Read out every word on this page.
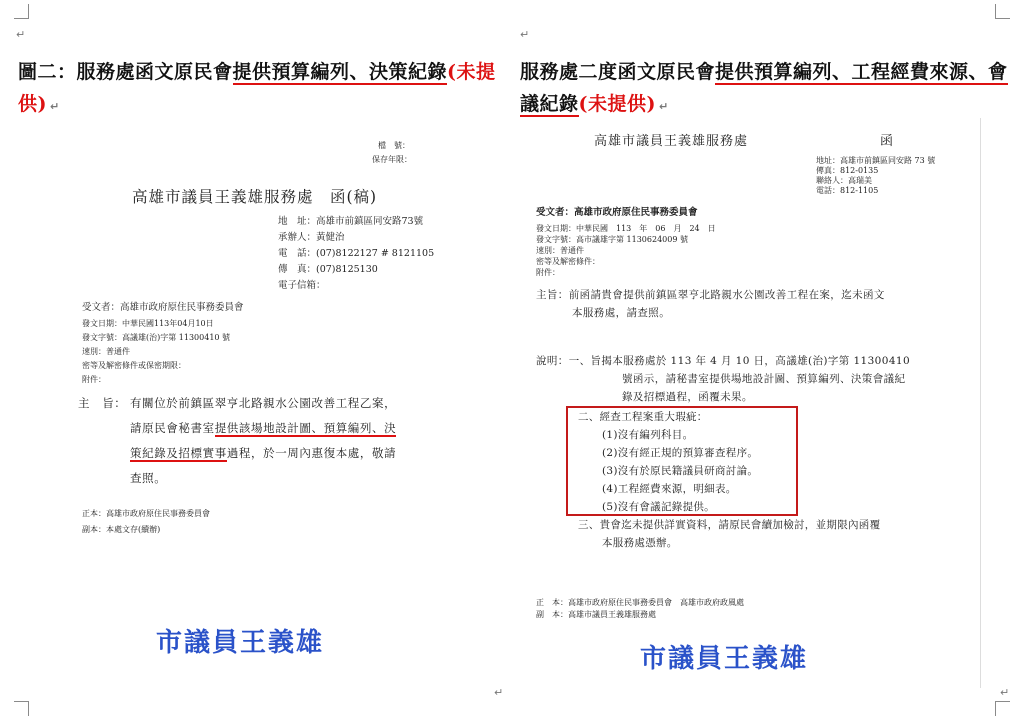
↵	↵
↵	↵
圖二：服務處函文原民會提供預算編列、決策紀錄(未提供) ↵
服務處二度函文原民會提供預算編列、工程經費來源、會議紀錄(未提供) ↵
檔　號：
保存年限：
高雄市議員王義雄服務處　函(稿)
地　址：高雄市前鎮區同安路73號
承辦人：黃健治
電　話：(07)8122127 # 8121105
傳　真：(07)8125130
電子信箱：
受文者：高雄市政府原住民事務委員會
發文日期：中華民國113年04月10日
發文字號：高議雄(治)字第 11300410 號
速別：普通件
密等及解密條件或保密期限：
附件：
主　旨： 有關位於前鎮區翠亨北路親水公園改善工程乙案，
請原民會秘書室提供該場地設計圖、預算編列、決
策紀錄及招標實事過程，於一周內惠復本處，敬請
查照。
正本：高雄市政府原住民事務委員會
副本：本處文存(續辦)
市議員王義雄
高雄市議員王義雄服務處	函
地址：高雄市前鎮區同安路 73 號
傳真：812-0135
聯絡人：高瑞美
電話：812-1105
受文者：高雄市政府原住民事務委員會
發文日期：中華民國　113　年　06　月　24　日
發文字號：高市議雄字第 1130624009 號
速別：普通件
密等及解密條件：
附件：
主旨：前函請貴會提供前鎮區翠亨北路親水公園改善工程在案，迄未函文
本服務處，請查照。
說明：一、旨揭本服務處於 113 年 4 月 10 日，高議雄(治)字第 11300410
號函示，請秘書室提供場地設計圖、預算編列、決策會議紀
錄及招標過程，函覆未果。
二、經查工程案重大瑕疵：
(1)沒有編列科目。
(2)沒有經正規的預算審查程序。
(3)沒有於原民籍議員研商討論。
(4)工程經費來源，明細表。
(5)沒有會議記錄提供。
三、貴會迄未提供詳實資料，請原民會續加檢討，並期限內函覆
本服務處憑辦。
正　本：高雄市政府原住民事務委員會　高雄市政府政風處
副　本：高雄市議員王義雄服務處
市議員王義雄
